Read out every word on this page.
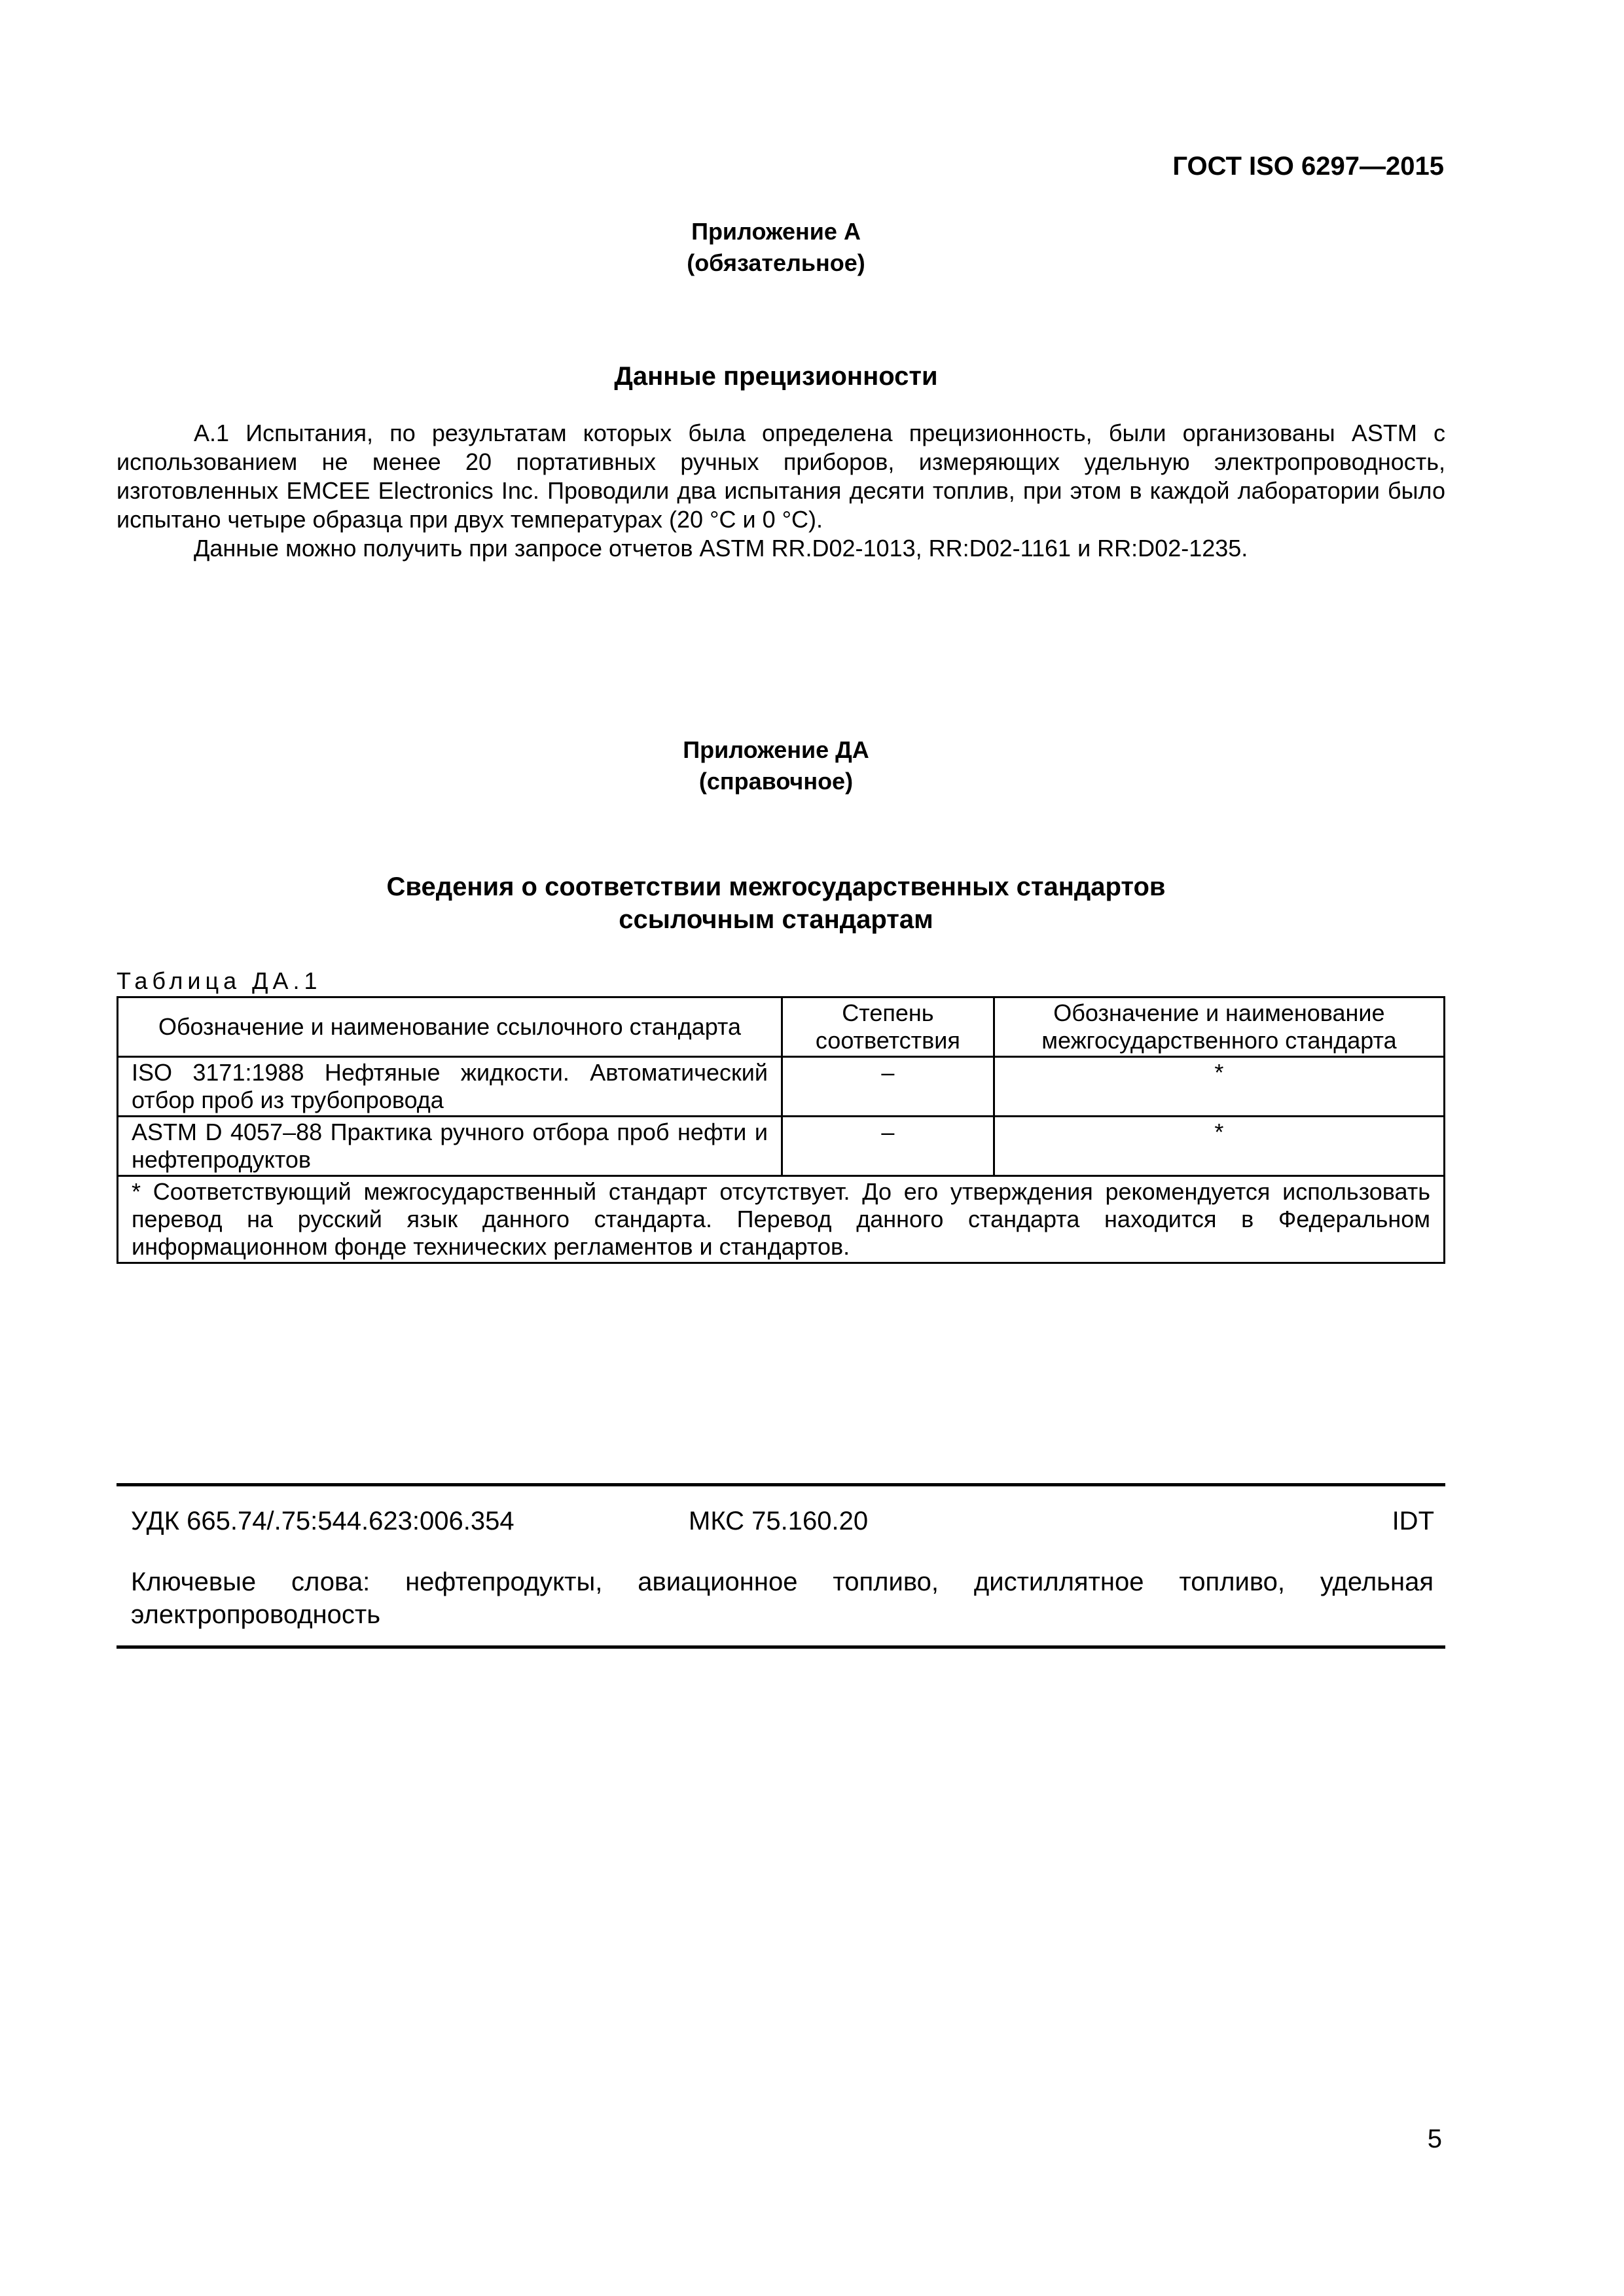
ГОСТ ISO 6297—2015
Приложение А
(обязательное)
Данные прецизионности
А.1 Испытания, по результатам которых была определена прецизионность, были организованы ASTM с использованием не менее 20 портативных ручных приборов, измеряющих удельную электропроводность, изготовленных EMCEE Electronics Inc. Проводили два испытания десяти топлив, при этом в каждой лаборатории было испытано четыре образца при двух температурах (20 °C и 0 °C).
Данные можно получить при запросе отчетов ASTM RR.D02-1013, RR:D02-1161 и RR:D02-1235.
Приложение ДА
(справочное)
Сведения о соответствии межгосударственных стандартов
ссылочным стандартам
Таблица ДА.1
Обозначение и наименование ссылочного стандарта	Степень соответствия	Обозначение и наименование межгосударственного стандарта
ISO 3171:1988 Нефтяные жидкости. Автоматический отбор проб из трубопровода	–	*
ASTM D 4057–88 Практика ручного отбора проб нефти и нефтепродуктов	–	*
* Соответствующий межгосударственный стандарт отсутствует. До его утверждения рекомендуется использовать перевод на русский язык данного стандарта. Перевод данного стандарта находится в Федеральном информационном фонде технических регламентов и стандартов.		
УДК 665.74/.75:544.623:006.354	МКС 75.160.20	IDT
Ключевые слова: нефтепродукты, авиационное топливо, дистиллятное топливо, удельная электропроводность
5
